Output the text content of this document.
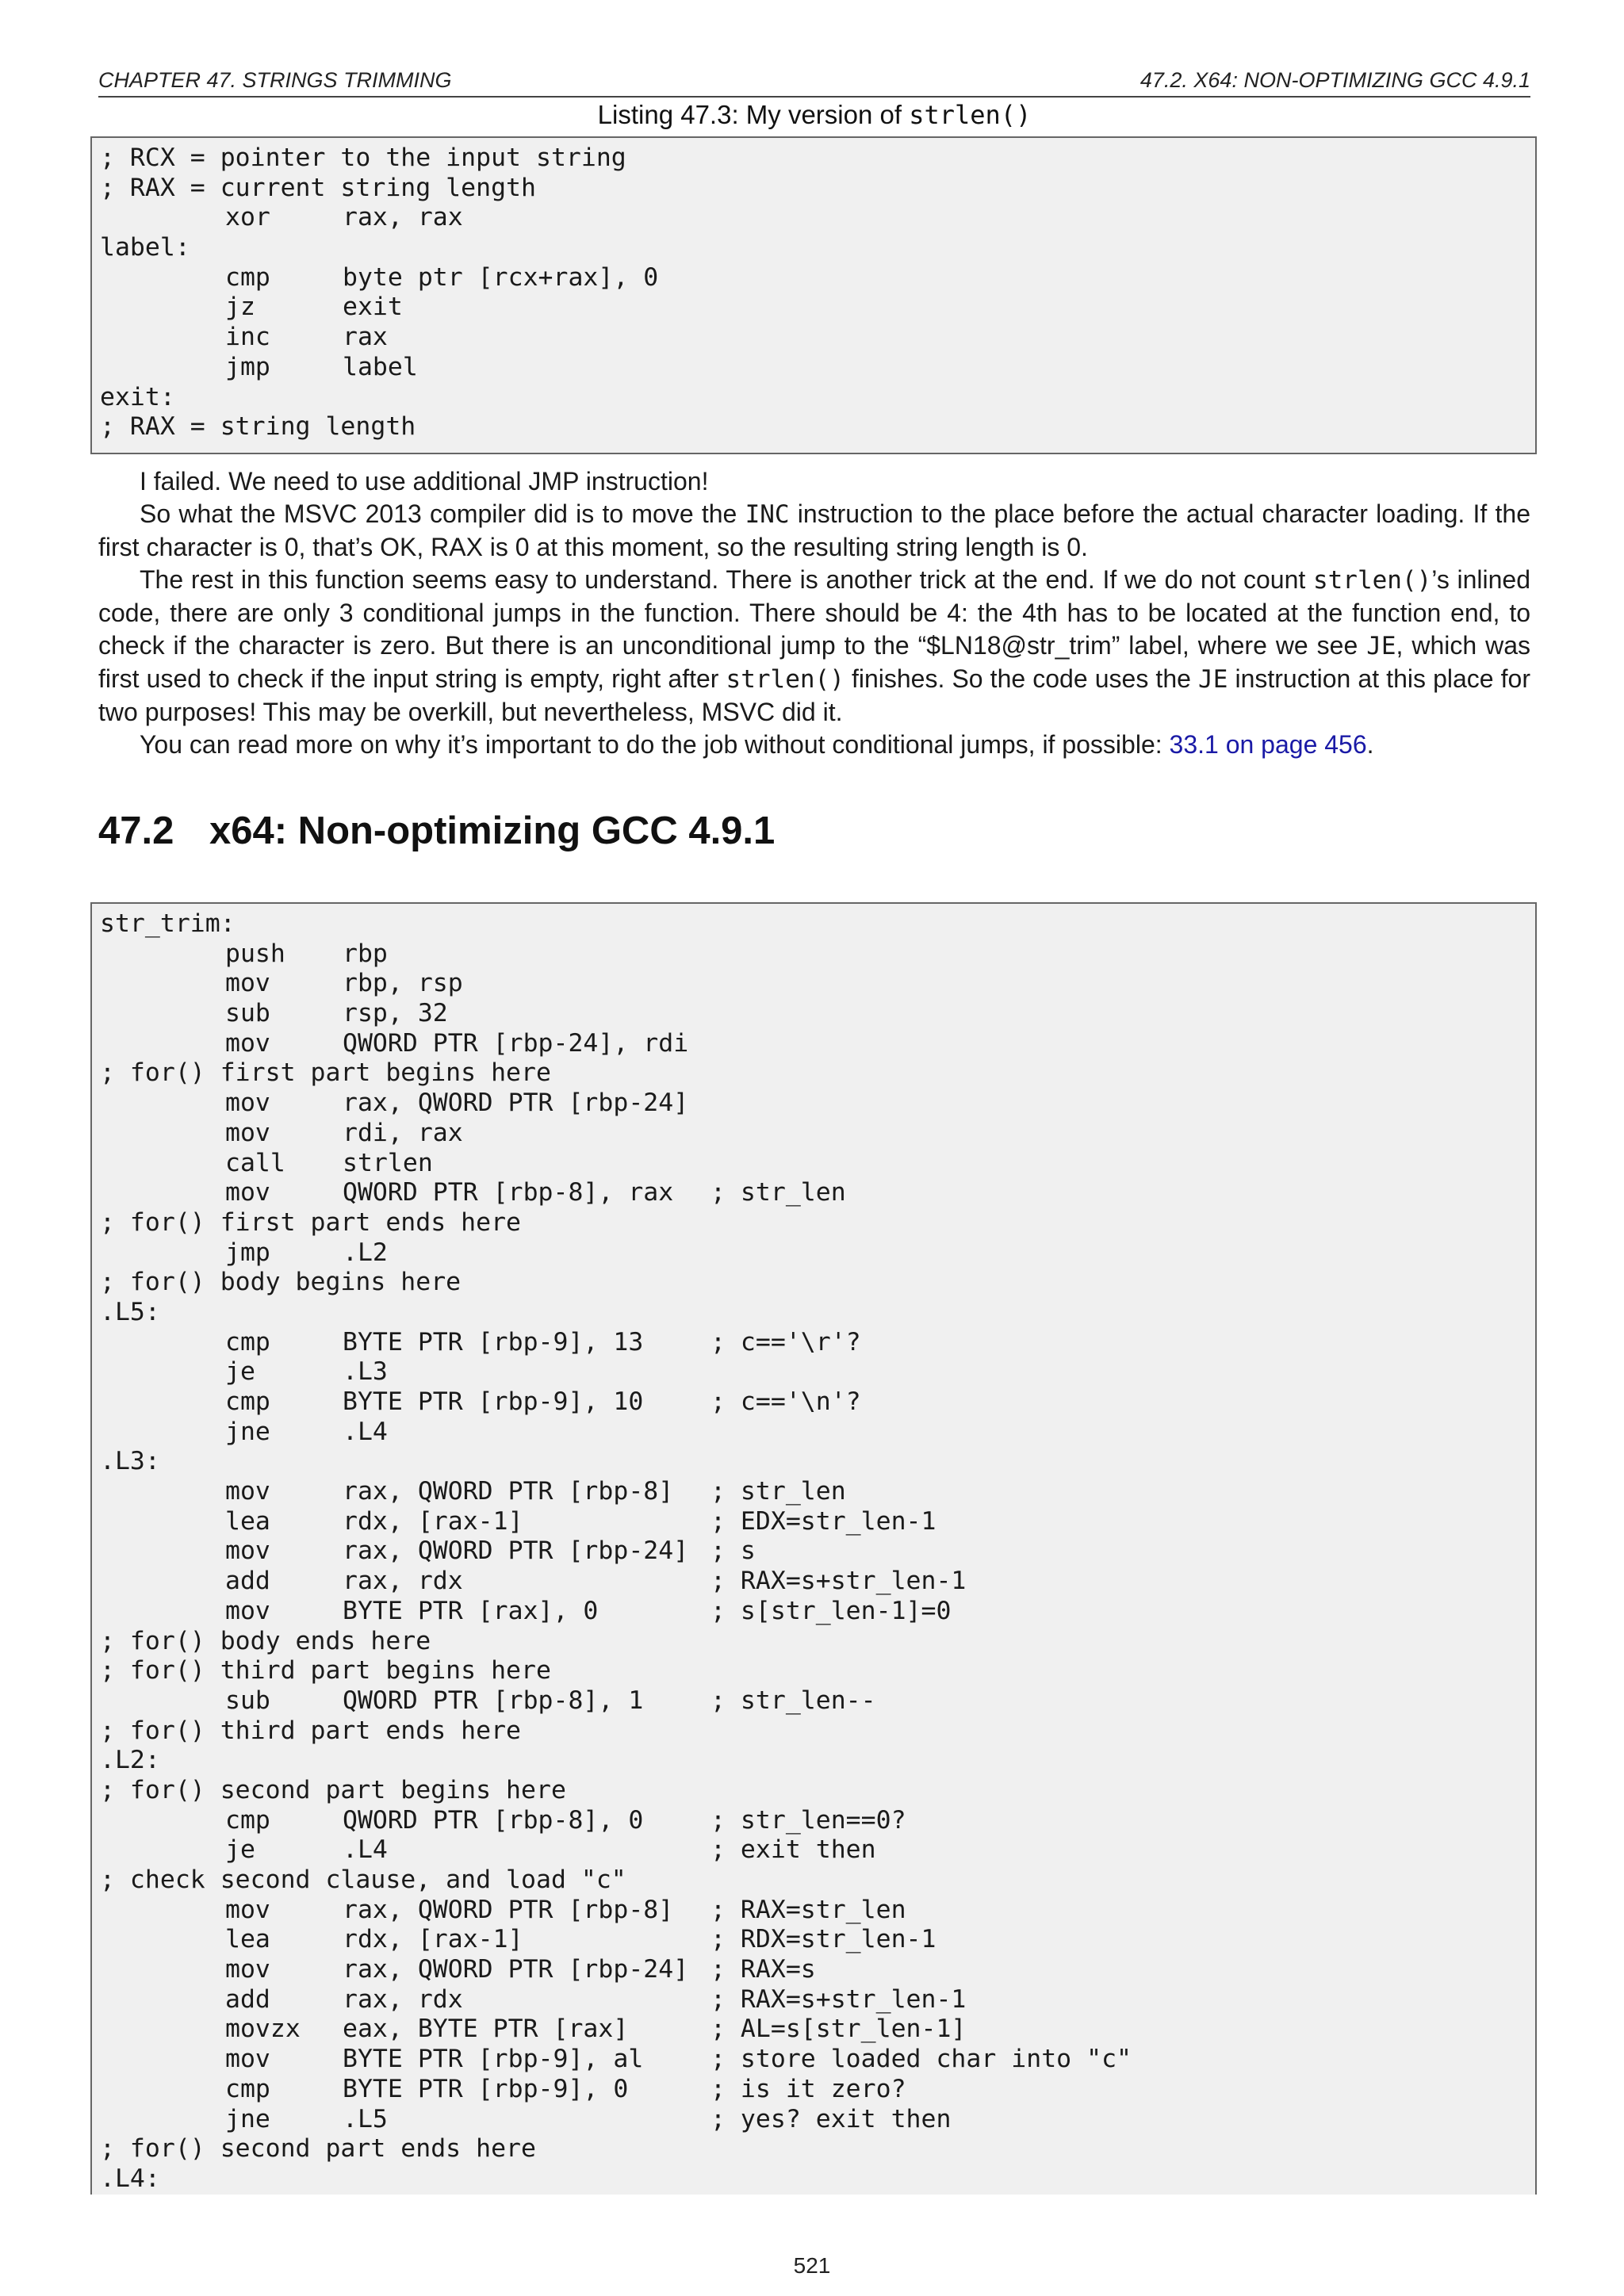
CHAPTER 47. STRINGS TRIMMING	47.2. X64: NON-OPTIMIZING GCC 4.9.1
Listing 47.3: My version of strlen()
; RCX = pointer to the input string
; RAX = current string length
xor	rax, rax
label:
cmp	byte ptr [rcx+rax], 0
jz	exit
inc	rax
jmp	label
exit:
; RAX = string length

I failed. We need to use additional JMP instruction!

So what the MSVC 2013 compiler did is to move the INC instruction to the place before the actual character loading. If the first character is 0, that’s OK, RAX is 0 at this moment, so the resulting string length is 0.

The rest in this function seems easy to understand. There is another trick at the end. If we do not count strlen()’s inlined code, there are only 3 conditional jumps in the function. There should be 4: the 4th has to be located at the function end, to check if the character is zero. But there is an unconditional jump to the “$LN18@str_trim” label, where we see JE, which was first used to check if the input string is empty, right after strlen() finishes. So the code uses the JE instruction at this place for two purposes! This may be overkill, but nevertheless, MSVC did it.

You can read more on why it’s important to do the job without conditional jumps, if possible: 33.1 on page 456.

47.2 x64: Non-optimizing GCC 4.9.1
str_trim:
push rbp
mov	rbp, rsp
sub	rsp, 32
mov	QWORD PTR [rbp-24], rdi
; for() first part begins here
mov	rax, QWORD PTR [rbp-24]
mov	rdi, rax
call strlen
mov	QWORD PTR [rbp-8], rax ; str_len
; for() first part ends here
jmp	.L2
; for() body begins here
.L5:
cmp	BYTE PTR [rbp-9], 13	; c=='\r'?
je	.L3
cmp	BYTE PTR [rbp-9], 10	; c=='\n'?
jne	.L4
.L3:
mov	rax, QWORD PTR [rbp-8] ; str_len
lea	rdx, [rax-1]	; EDX=str_len-1
mov	rax, QWORD PTR [rbp-24] ; s
add	rax, rdx	; RAX=s+str_len-1
mov	BYTE PTR [rax], 0	; s[str_len-1]=0
; for() body ends here
; for() third part begins here
sub	QWORD PTR [rbp-8], 1	; str_len--
; for() third part ends here
.L2:
; for() second part begins here
cmp	QWORD PTR [rbp-8], 0	; str_len==0?
je	.L4	; exit then
; check second clause, and load "c"
mov	rax, QWORD PTR [rbp-8] ; RAX=str_len
lea	rdx, [rax-1]	; RDX=str_len-1
mov	rax, QWORD PTR [rbp-24] ; RAX=s
add	rax, rdx	; RAX=s+str_len-1
movzx eax, BYTE PTR [rax]	; AL=s[str_len-1]
mov	BYTE PTR [rbp-9], al	; store loaded char into "c"
cmp	BYTE PTR [rbp-9], 0	; is it zero?
jne	.L5	; yes? exit then
; for() second part ends here
.L4:
521
